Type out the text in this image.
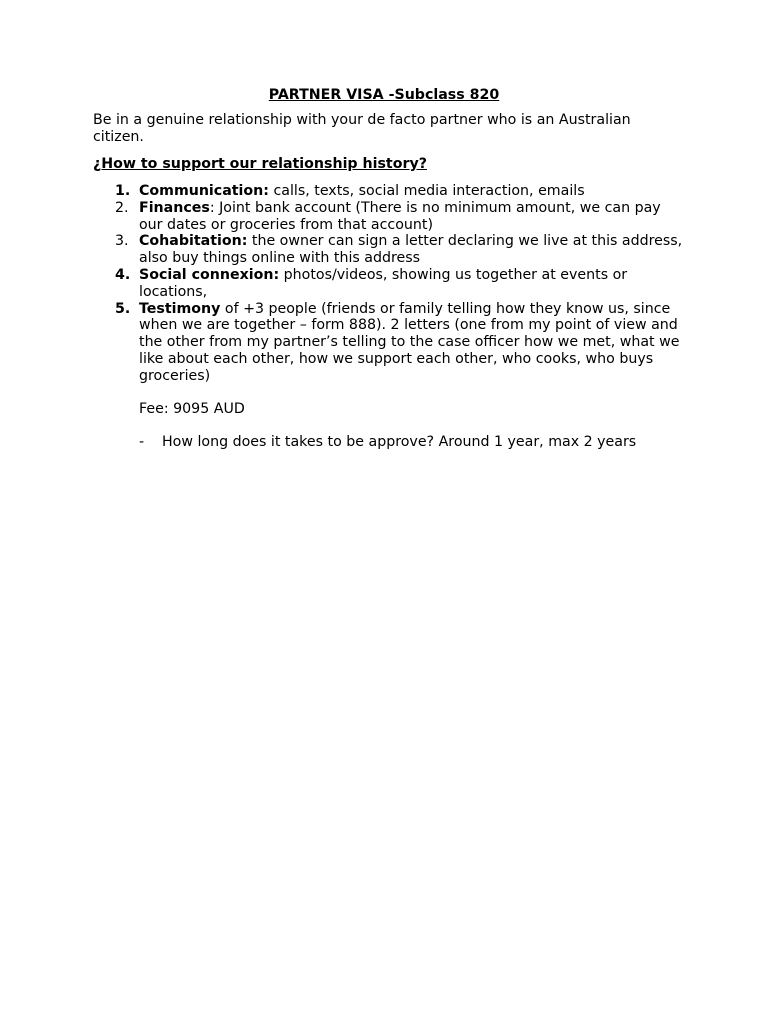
PARTNER VISA -Subclass 820
Be in a genuine relationship with your de facto partner who is an Australian citizen.
¿How to support our relationship history?
1. Communication: calls, texts, social media interaction, emails
2. Finances: Joint bank account (There is no minimum amount, we can pay our dates or groceries from that account)
3. Cohabitation: the owner can sign a letter declaring we live at this address, also buy things online with this address
4. Social connexion: photos/videos, showing us together at events or locations,
5. Testimony of +3 people (friends or family telling how they know us, since when we are together – form 888). 2 letters (one from my point of view and the other from my partner’s telling to the case officer how we met, what we like about each other, how we support each other, who cooks, who buys groceries)
Fee: 9095 AUD
- How long does it takes to be approve? Around 1 year, max 2 years
